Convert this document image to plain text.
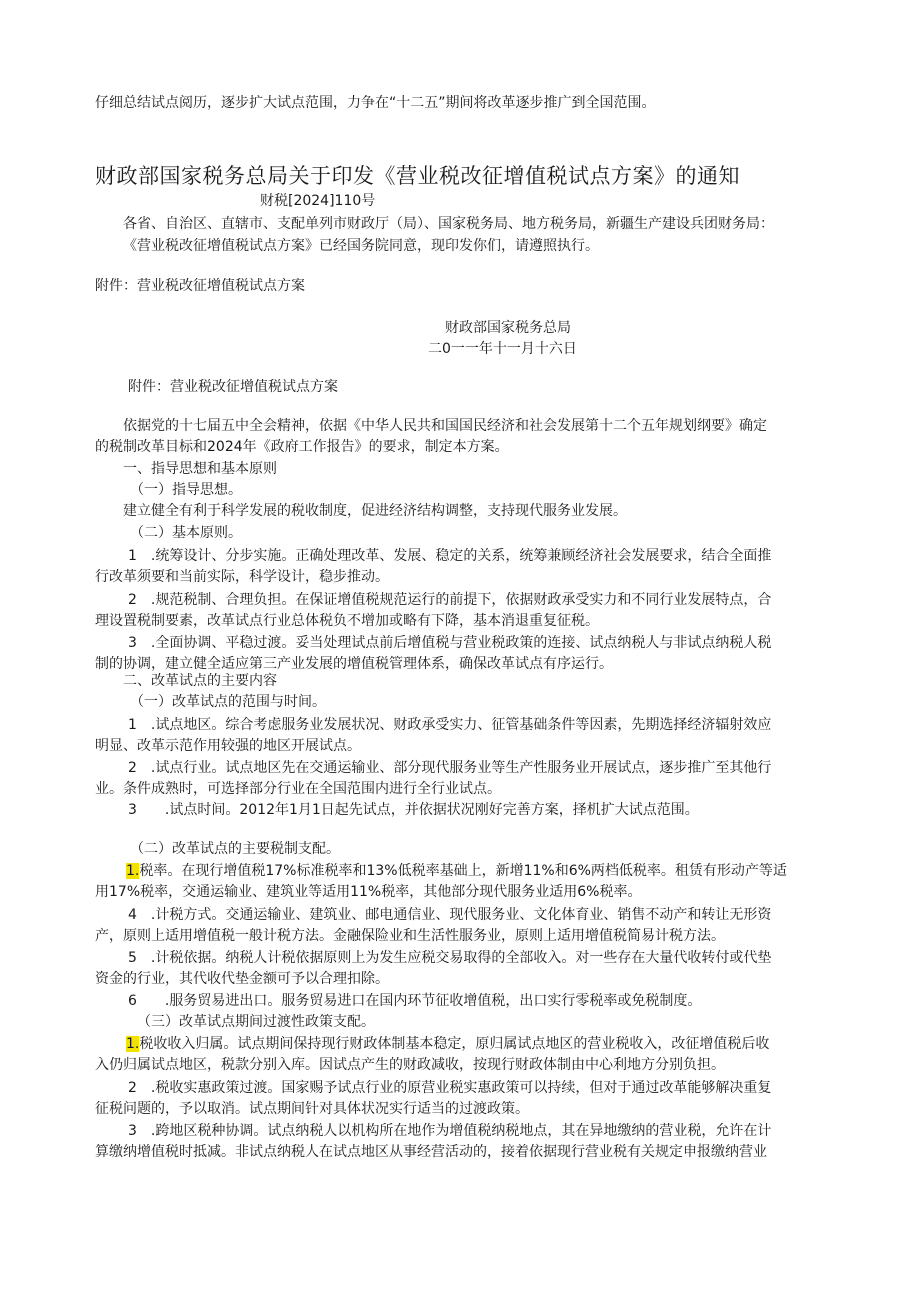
仔细总结试点阅历，逐步扩大试点范围，力争在“十二五”期间将改革逐步推广到全国范围。
财政部国家税务总局关于印发《营业税改征增值税试点方案》的通知
财税[2024]110号
各省、自治区、直辖市、支配单列市财政厅（局）、国家税务局、地方税务局，新疆生产建设兵团财务局：
《营业税改征增值税试点方案》已经国务院同意，现印发你们，请遵照执行。
附件：营业税改征增值税试点方案
财政部国家税务总局
二0一一年十一月十六日
附件：营业税改征增值税试点方案
依据党的十七届五中全会精神，依据《中华人民共和国国民经济和社会发展第十二个五年规划纲要》确定
的税制改革目标和2024年《政府工作报告》的要求，制定本方案。
一、指导思想和基本原则
（一）指导思想。
建立健全有利于科学发展的税收制度，促进经济结构调整，支持现代服务业发展。
（二）基本原则。
1　.统筹设计、分步实施。正确处理改革、发展、稳定的关系，统筹兼顾经济社会发展要求，结合全面推
行改革须要和当前实际，科学设计，稳步推动。
2　.规范税制、合理负担。在保证增值税规范运行的前提下，依据财政承受实力和不同行业发展特点，合
理设置税制要素，改革试点行业总体税负不增加或略有下降，基本消退重复征税。
3　.全面协调、平稳过渡。妥当处理试点前后增值税与营业税政策的连接、试点纳税人与非试点纳税人税
制的协调，建立健全适应第三产业发展的增值税管理体系，确保改革试点有序运行。
二、改革试点的主要内容
（一）改革试点的范围与时间。
1　.试点地区。综合考虑服务业发展状况、财政承受实力、征管基础条件等因素，先期选择经济辐射效应
明显、改革示范作用较强的地区开展试点。
2　.试点行业。试点地区先在交通运输业、部分现代服务业等生产性服务业开展试点，逐步推广至其他行
业。条件成熟时，可选择部分行业在全国范围内进行全行业试点。
3　　.试点时间。2012年1月1日起先试点，并依据状况刚好完善方案，择机扩大试点范围。
（二）改革试点的主要税制支配。
1.税率。在现行增值税17%标准税率和13%低税率基础上，新增11%和6%两档低税率。租赁有形动产等适
用17%税率，交通运输业、建筑业等适用11%税率，其他部分现代服务业适用6%税率。
4　.计税方式。交通运输业、建筑业、邮电通信业、现代服务业、文化体育业、销售不动产和转让无形资
产，原则上适用增值税一般计税方法。金融保险业和生活性服务业，原则上适用增值税简易计税方法。
5　.计税依据。纳税人计税依据原则上为发生应税交易取得的全部收入。对一些存在大量代收转付或代垫
资金的行业，其代收代垫金额可予以合理扣除。
6　　.服务贸易进出口。服务贸易进口在国内环节征收增值税，出口实行零税率或免税制度。
（三）改革试点期间过渡性政策支配。
1.税收收入归属。试点期间保持现行财政体制基本稳定，原归属试点地区的营业税收入，改征增值税后收
入仍归属试点地区，税款分别入库。因试点产生的财政减收，按现行财政体制由中心利地方分别负担。
2　.税收实惠政策过渡。国家赐予试点行业的原营业税实惠政策可以持续，但对于通过改革能够解决重复
征税问题的，予以取消。试点期间针对具体状况实行适当的过渡政策。
3　.跨地区税种协调。试点纳税人以机构所在地作为增值税纳税地点，其在异地缴纳的营业税，允许在计
算缴纳增值税时抵减。非试点纳税人在试点地区从事经营活动的，接着依据现行营业税有关规定申报缴纳营业
